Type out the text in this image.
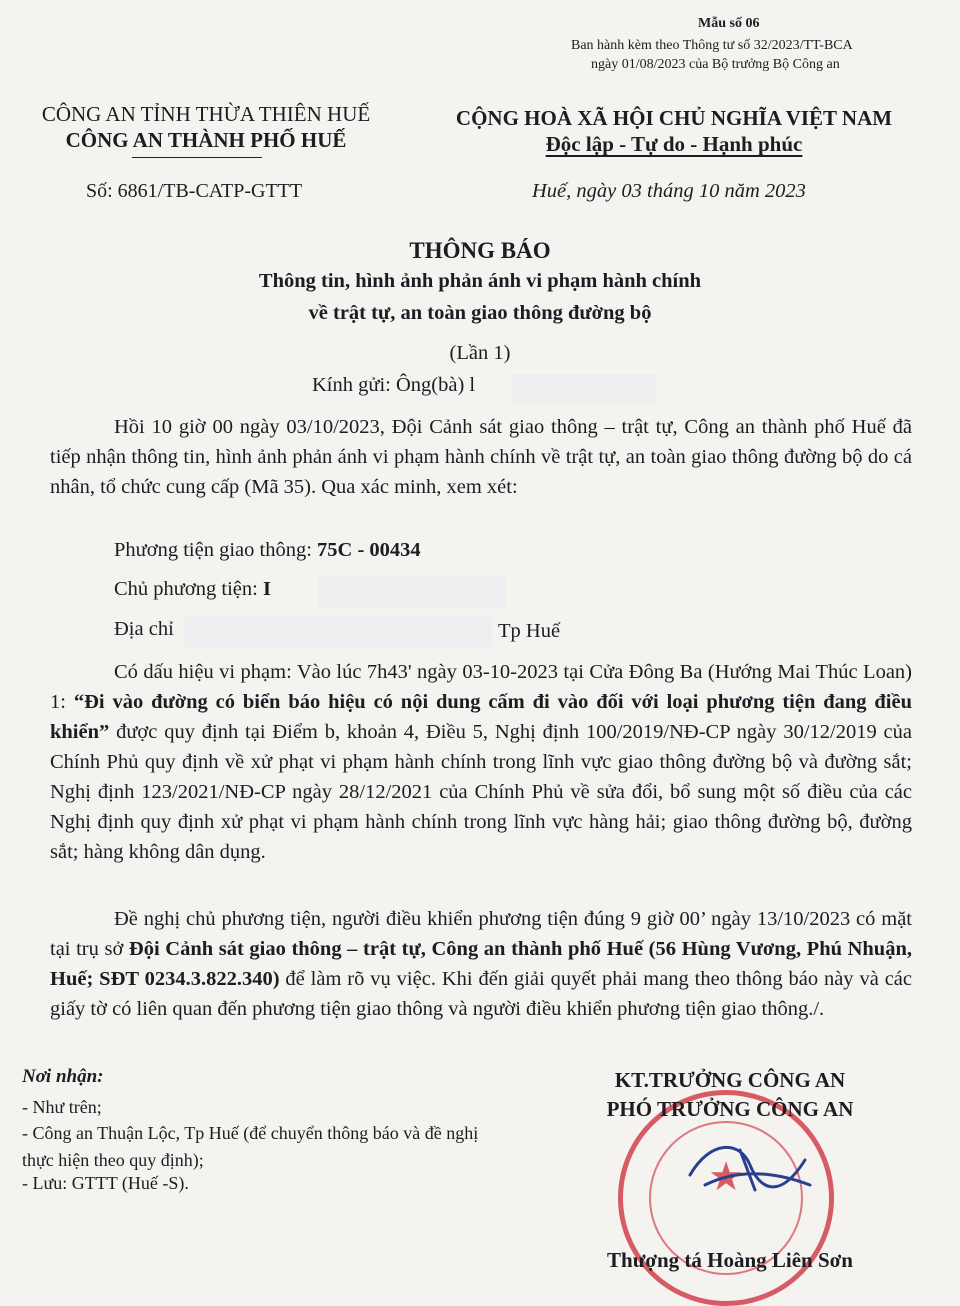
Mẫu số 06
Ban hành kèm theo Thông tư số 32/2023/TT-BCA
ngày 01/08/2023 của Bộ trưởng Bộ Công an
CÔNG AN TỈNH THỪA THIÊN HUẾ
CÔNG AN THÀNH PHỐ HUẾ
Số: 6861/TB-CATP-GTTT
CỘNG HOÀ XÃ HỘI CHỦ NGHĨA VIỆT NAM
Độc lập - Tự do - Hạnh phúc
Huế, ngày 03 tháng 10 năm 2023
THÔNG BÁO
Thông tin, hình ảnh phản ánh vi phạm hành chính
về trật tự, an toàn giao thông đường bộ
(Lần 1)
Kính gửi: Ông(bà) l

Hồi 10 giờ 00 ngày 03/10/2023, Đội Cảnh sát giao thông – trật tự, Công an thành phố Huế đã tiếp nhận thông tin, hình ảnh phản ánh vi phạm hành chính về trật tự, an toàn giao thông đường bộ do cá nhân, tổ chức cung cấp (Mã 35). Qua xác minh, xem xét:

Phương tiện giao thông: 75C - 00434
Chủ phương tiện: I
Địa chỉ	Tp Huế

Có dấu hiệu vi phạm: Vào lúc 7h43' ngày 03-10-2023 tại Cửa Đông Ba (Hướng Mai Thúc Loan) 1: “Đi vào đường có biển báo hiệu có nội dung cấm đi vào đối với loại phương tiện đang điều khiển” được quy định tại Điểm b, khoản 4, Điều 5, Nghị định 100/2019/NĐ-CP ngày 30/12/2019 của Chính Phủ quy định về xử phạt vi phạm hành chính trong lĩnh vực giao thông đường bộ và đường sắt; Nghị định 123/2021/NĐ-CP ngày 28/12/2021 của Chính Phủ về sửa đổi, bổ sung một số điều của các Nghị định quy định xử phạt vi phạm hành chính trong lĩnh vực hàng hải; giao thông đường bộ, đường sắt; hàng không dân dụng.

Đề nghị chủ phương tiện, người điều khiển phương tiện đúng 9 giờ 00’ ngày 13/10/2023 có mặt tại trụ sở Đội Cảnh sát giao thông – trật tự, Công an thành phố Huế (56 Hùng Vương, Phú Nhuận, Huế; SĐT 0234.3.822.340) để làm rõ vụ việc. Khi đến giải quyết phải mang theo thông báo này và các giấy tờ có liên quan đến phương tiện giao thông và người điều khiển phương tiện giao thông./.

Nơi nhận:
- Như trên;
- Công an Thuận Lộc, Tp Huế (để chuyển thông báo và đề nghị thực hiện theo quy định);
- Lưu: GTTT (Huế -S).	★
KT.TRƯỞNG CÔNG AN
PHÓ TRƯỞNG CÔNG AN
Thượng tá Hoàng Liên Sơn
